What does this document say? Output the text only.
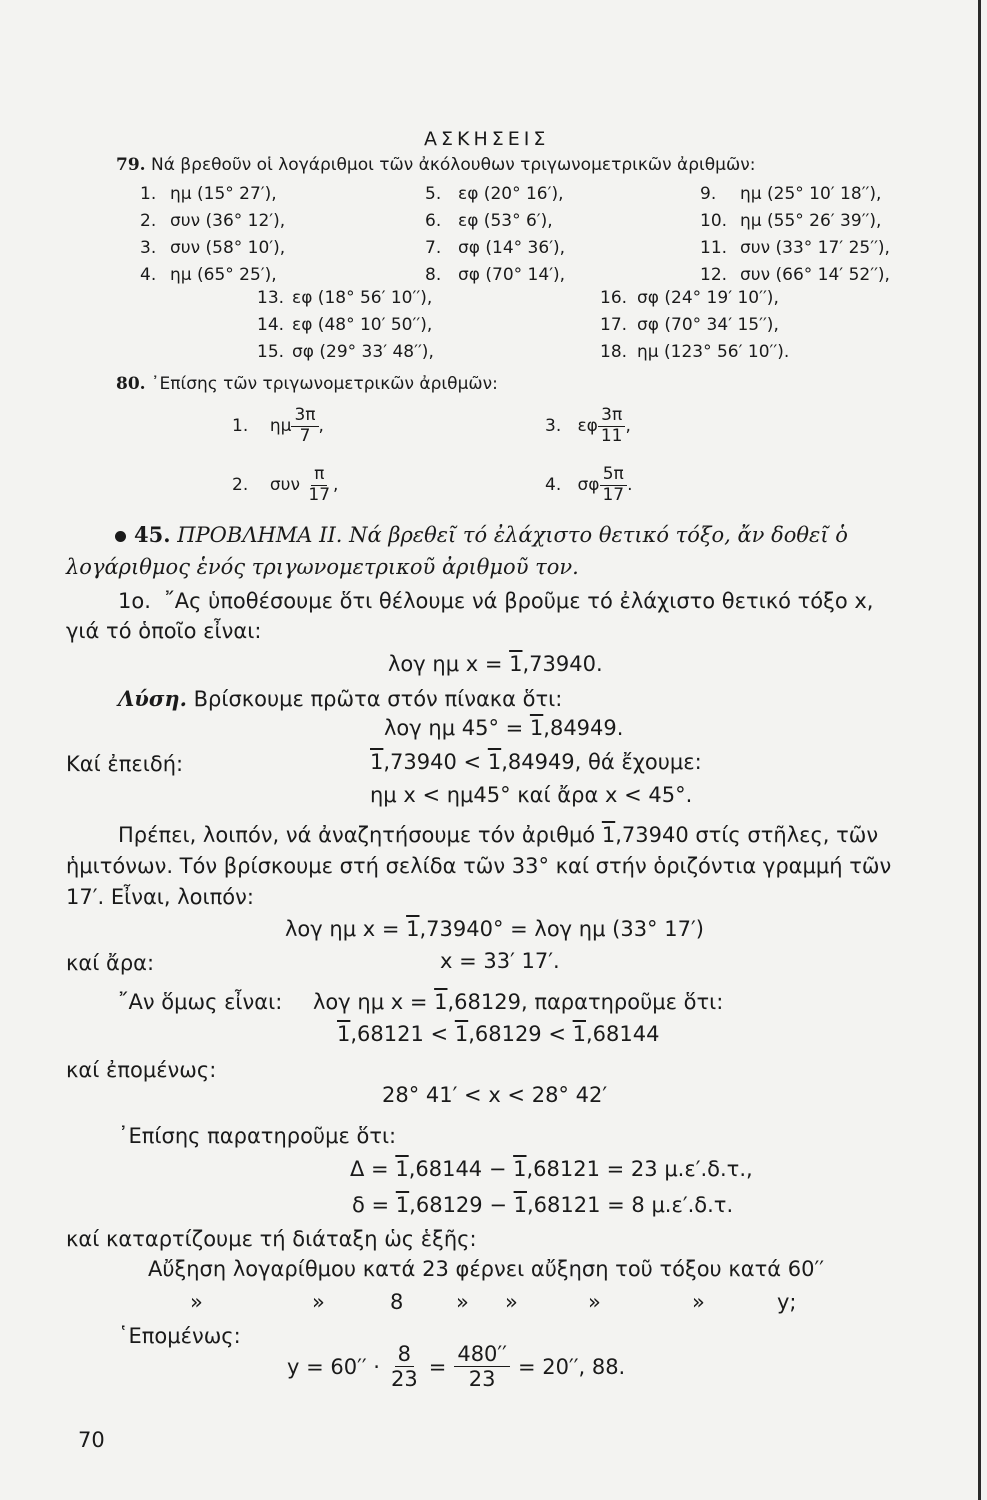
ΑΣΚΗΣΕΙΣ
79. Νά βρεθοῦν οἱ λογάριθμοι τῶν ἀκόλουθων τριγωνομετρικῶν ἀριθμῶν:
1. ημ (15° 27′),
2. συν (36° 12′),
3. συν (58° 10′),
4. ημ (65° 25′),
5. εφ (20° 16′),
6. εφ (53° 6′),
7. σφ (14° 36′),
8. σφ (70° 14′),
9. ημ (25° 10′ 18′′),
10. ημ (55° 26′ 39′′),
11. συν (33° 17′ 25′′),
12. συν (66° 14′ 52′′),
13. εφ (18° 56′ 10′′),
14. εφ (48° 10′ 50′′),
15. σφ (29° 33′ 48′′),
16. σφ (24° 19′ 10′′),
17. σφ (70° 34′ 15′′),
18. ημ (123° 56′ 10′′).
80. ᾽Επίσης τῶν τριγωνομετρικῶν ἀριθμῶν:
1. ημ $\frac{3\pi}{7}$ ,	3. εφ $\frac{3\pi}{11}$ ,
2. συν $\frac{\pi}{17}$ ,	4. σφ $\frac{5\pi}{17}$ .
45. ΠΡΟΒΛΗΜΑ ΙΙ. Νά βρεθεῖ τό ἐλάχιστο θετικό τόξο, ἄν δοθεῖ ὁ
λογάριθμος ἑνός τριγωνομετρικοῦ ἀριθμοῦ τον.
1ο. ῎Ας ὑποθέσουμε ὅτι θέλουμε νά βροῦμε τό ἐλάχιστο θετικό τόξο x,
γιά τό ὁποῖο εἶναι:
λογ ημ x = 1,73940.
Λύση. Βρίσκουμε πρῶτα στόν πίνακα ὅτι:
λογ ημ 45° = 1,84949.
Καί ἐπειδή:	1,73940 < 1,84949, θά ἔχουμε:
ημ x < ημ45° καί ἄρα x < 45°.
Πρέπει, λοιπόν, νά ἀναζητήσουμε τόν ἀριθμό 1,73940 στίς στῆλες, τῶν
ἡμιτόνων. Τόν βρίσκουμε στή σελίδα τῶν 33° καί στήν ὁριζόντια γραμμή τῶν
17′. Εἶναι, λοιπόν:
λογ ημ x = 1,73940° = λογ ημ (33° 17′)
καί ἄρα:	x = 33′ 17′.
῎Αν ὅμως εἶναι: λογ ημ x = 1,68129, παρατηροῦμε ὅτι:
1,68121 < 1,68129 < 1,68144
καί ἐπομένως:
28° 41′ < x < 28° 42′
᾽Επίσης παρατηροῦμε ὅτι:
Δ = 1,68144 − 1,68121 = 23 μ.ε′.δ.τ.,
δ = 1,68129 − 1,68121 = 8 μ.ε′.δ.τ.
καί καταρτίζουμε τή διάταξη ὡς ἑξῆς:
Αὔξηση λογαρίθμου κατά 23 φέρνει αὔξηση τοῦ τόξου κατά 60′′
»	»	8	» »	»	»	y;
῾Επομένως:
$y = 60'' \cdot \frac{8}{23} = \frac{480''}{23} = 20''$, 88.
70
